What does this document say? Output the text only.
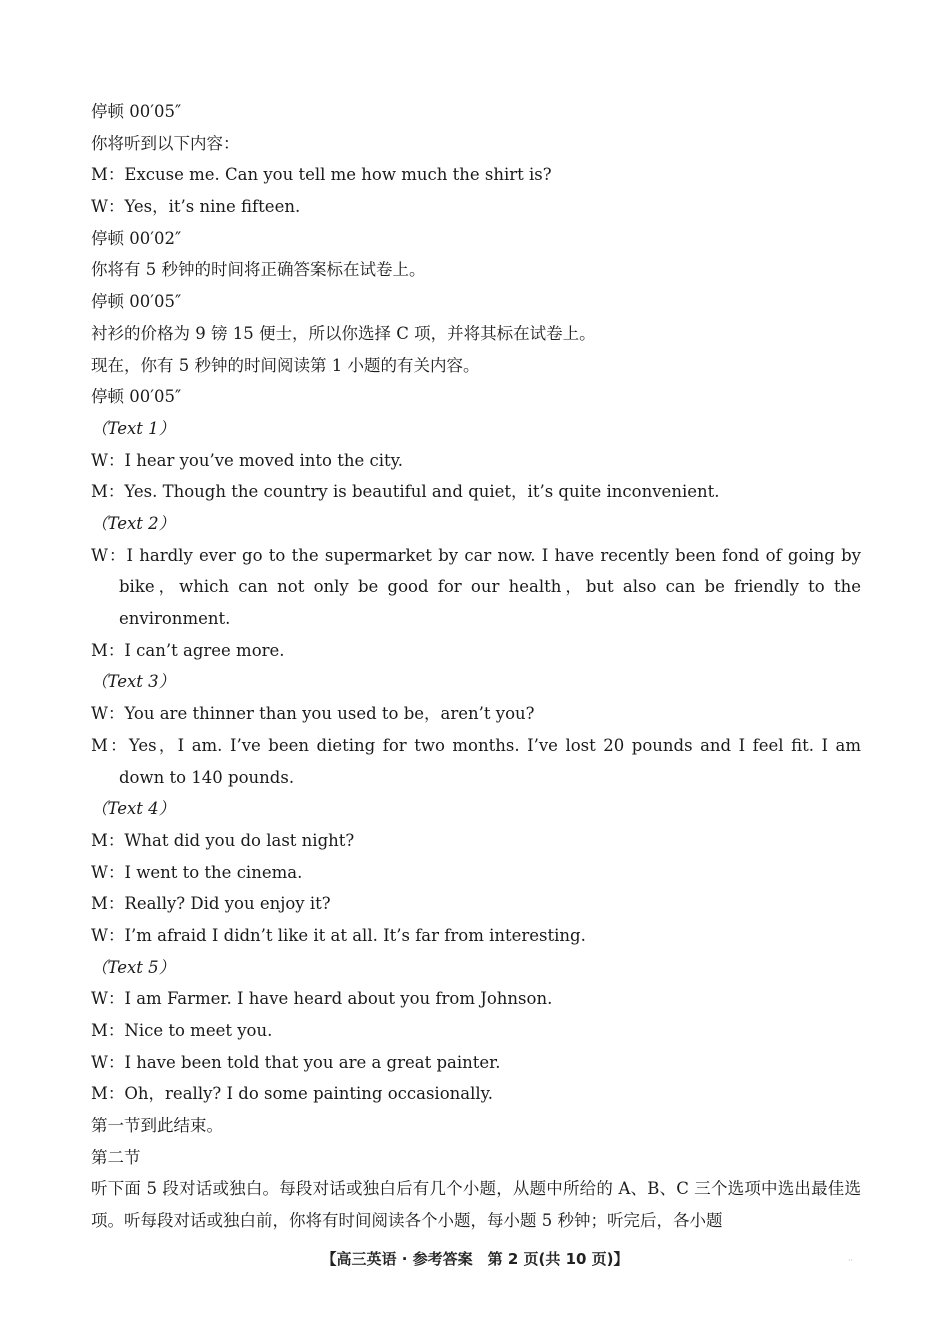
停顿 00′05″
你将听到以下内容：
M：Excuse me. Can you tell me how much the shirt is?
W：Yes，it’s nine fifteen.
停顿 00′02″
你将有 5 秒钟的时间将正确答案标在试卷上。
停顿 00′05″
衬衫的价格为 9 镑 15 便士，所以你选择 C 项，并将其标在试卷上。
现在，你有 5 秒钟的时间阅读第 1 小题的有关内容。
停顿 00′05″
（Text 1）
W：I hear you’ve moved into the city.
M：Yes. Though the country is beautiful and quiet，it’s quite inconvenient.
（Text 2）
W：I hardly ever go to the supermarket by car now. I have recently been fond of going by bike，which can not only be good for our health，but also can be friendly to the environment.
M：I can’t agree more.
（Text 3）
W：You are thinner than you used to be，aren’t you?
M：Yes，I am. I’ve been dieting for two months. I’ve lost 20 pounds and I feel fit. I am down to 140 pounds.
（Text 4）
M：What did you do last night?
W：I went to the cinema.
M：Really? Did you enjoy it?
W：I’m afraid I didn’t like it at all. It’s far from interesting.
（Text 5）
W：I am Farmer. I have heard about you from Johnson.
M：Nice to meet you.
W：I have been told that you are a great painter.
M：Oh，really? I do some painting occasionally.
第一节到此结束。
第二节
听下面 5 段对话或独白。每段对话或独白后有几个小题，从题中所给的 A、B、C 三个选项中选出最佳选项。听每段对话或独白前，你将有时间阅读各个小题，每小题 5 秒钟；听完后，各小题
【高三英语 · 参考答案　第 2 页(共 10 页)】	··
